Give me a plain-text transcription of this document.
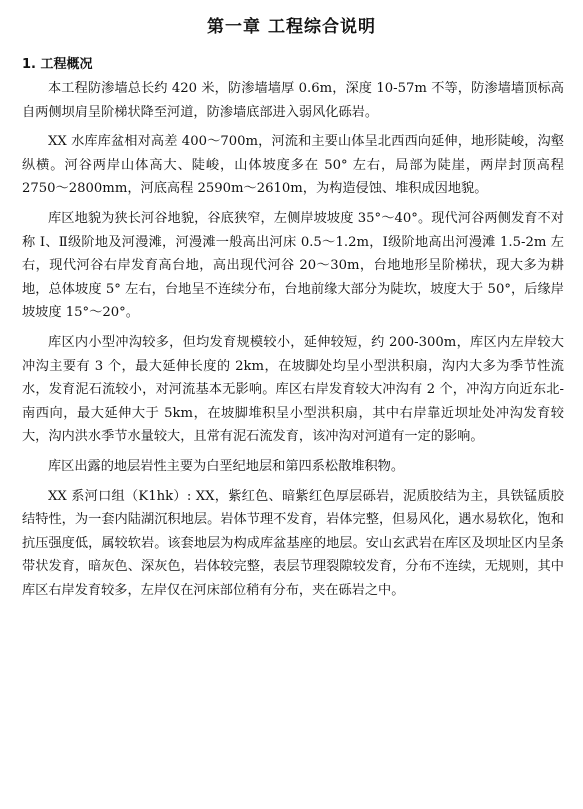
第一章 工程综合说明
1. 工程概况

本工程防渗墙总长约 420 米，防渗墙墙厚 0.6m，深度 10-57m 不等，防渗墙墙顶标高自两侧坝肩呈阶梯状降至河道，防渗墙底部进入弱风化砾岩。

XX 水库库盆相对高差 400～700m，河流和主要山体呈北西西向延伸，地形陡峻，沟壑纵横。河谷两岸山体高大、陡峻，山体坡度多在 50° 左右，局部为陡崖，两岸封顶高程 2750～2800mm，河底高程 2590m～2610m，为构造侵蚀、堆积成因地貌。

库区地貌为狭长河谷地貌，谷底狭窄，左侧岸坡坡度 35°～40°。现代河谷两侧发育不对称 Ⅰ、Ⅱ级阶地及河漫滩，河漫滩一般高出河床 0.5～1.2m，Ⅰ级阶地高出河漫滩 1.5-2m 左右，现代河谷右岸发育高台地，高出现代河谷 20～30m，台地地形呈阶梯状，现大多为耕地，总体坡度 5° 左右，台地呈不连续分布，台地前缘大部分为陡坎，坡度大于 50°，后缘岸坡坡度 15°～20°。

库区内小型冲沟较多，但均发育规模较小，延伸较短，约 200-300m，库区内左岸较大冲沟主要有 3 个，最大延伸长度的 2km，在坡脚处均呈小型洪积扇，沟内大多为季节性流水，发育泥石流较小，对河流基本无影响。库区右岸发育较大冲沟有 2 个，冲沟方向近东北-南西向，最大延伸大于 5km，在坡脚堆积呈小型洪积扇，其中右岸靠近坝址处冲沟发育较大，沟内洪水季节水量较大，且常有泥石流发育，该冲沟对河道有一定的影响。

库区出露的地层岩性主要为白垩纪地层和第四系松散堆积物。

XX 系河口组（K1hk）: XX，紫红色、暗紫红色厚层砾岩，泥质胶结为主，具铁锰质胶结特性，为一套内陆湖沉积地层。岩体节理不发育，岩体完整，但易风化，遇水易软化，饱和抗压强度低，属较软岩。该套地层为构成库盆基座的地层。安山玄武岩在库区及坝址区内呈条带状发育，暗灰色、深灰色，岩体较完整，表层节理裂隙较发育，分布不连续，无规则，其中库区右岸发育较多，左岸仅在河床部位稍有分布，夹在砾岩之中。
